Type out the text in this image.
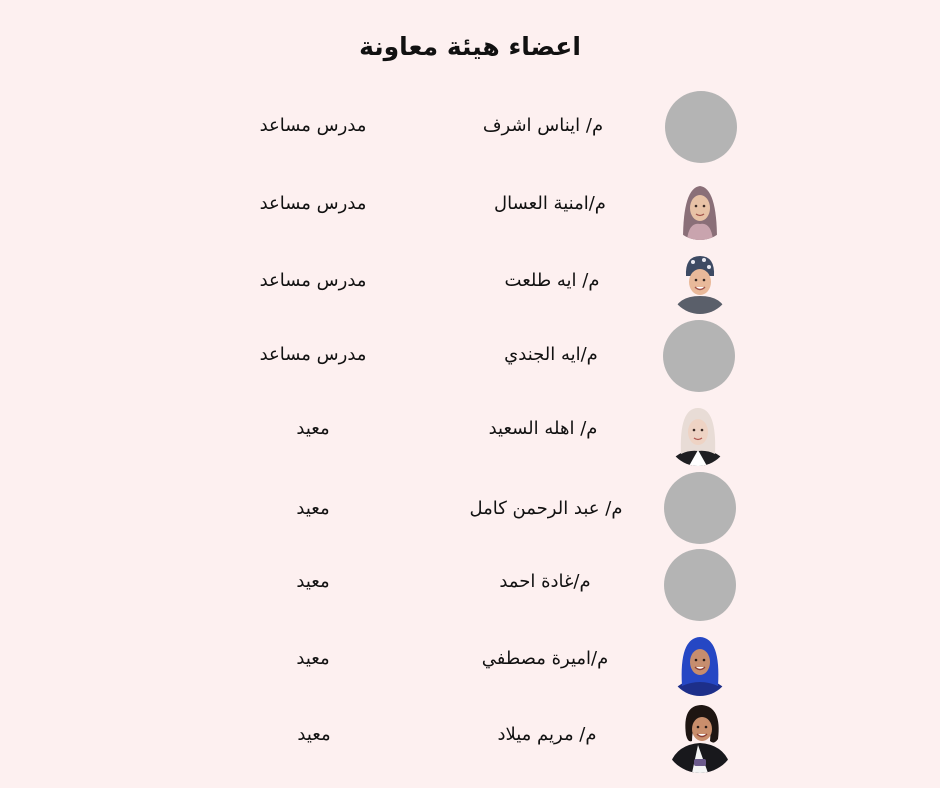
اعضاء هيئة معاونة
م/ ايناس اشرف
مدرس مساعد
م/امنية العسال
مدرس مساعد
م/ ايه طلعت
مدرس مساعد
م/ايه الجندي
مدرس مساعد
م/ اهله السعيد
معيد
م/ عبد الرحمن كامل
معيد
م/غادة احمد
معيد
م/اميرة مصطفي
معيد
م/ مريم ميلاد
معيد
